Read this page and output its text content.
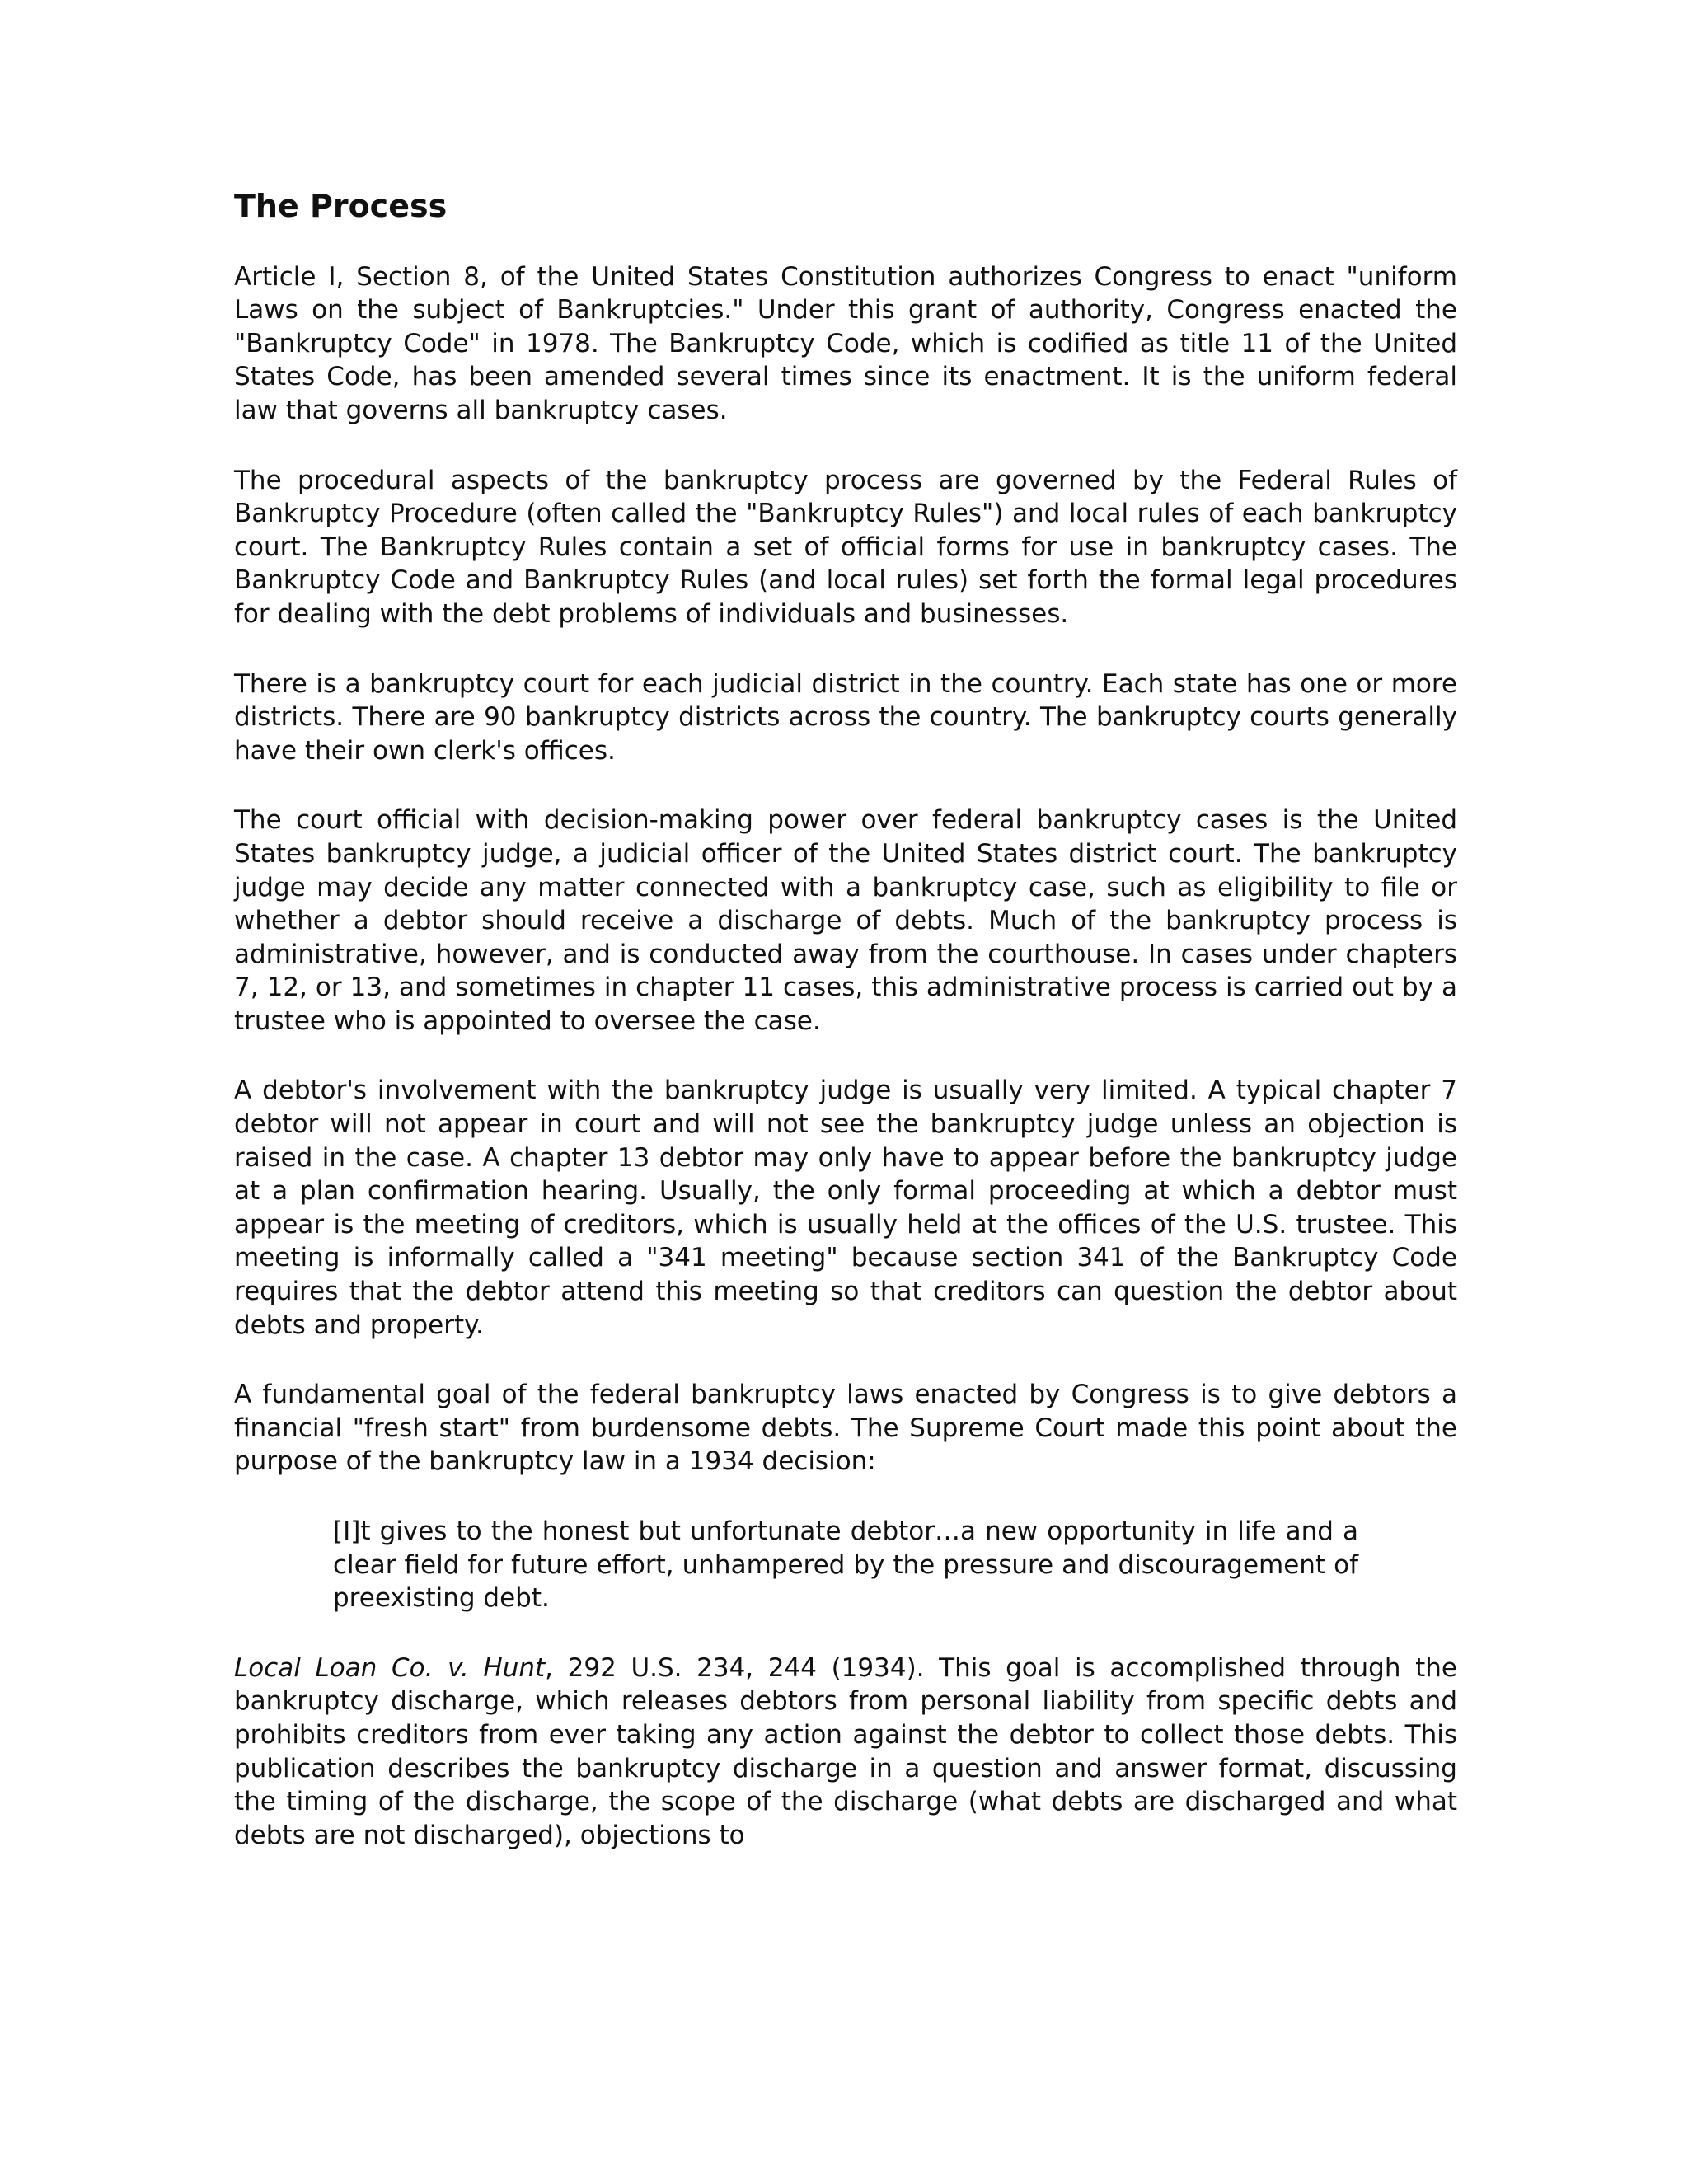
The Process

Article I, Section 8, of the United States Constitution authorizes Congress to enact "uniform Laws on the subject of Bankruptcies." Under this grant of authority, Congress enacted the "Bankruptcy Code" in 1978. The Bankruptcy Code, which is codified as title 11 of the United States Code, has been amended several times since its enactment. It is the uniform federal law that governs all bankruptcy cases.

The procedural aspects of the bankruptcy process are governed by the Federal Rules of Bankruptcy Procedure (often called the "Bankruptcy Rules") and local rules of each bankruptcy court. The Bankruptcy Rules contain a set of official forms for use in bankruptcy cases. The Bankruptcy Code and Bankruptcy Rules (and local rules) set forth the formal legal procedures for dealing with the debt problems of individuals and businesses.

There is a bankruptcy court for each judicial district in the country. Each state has one or more districts. There are 90 bankruptcy districts across the country. The bankruptcy courts generally have their own clerk's offices.

The court official with decision-making power over federal bankruptcy cases is the United States bankruptcy judge, a judicial officer of the United States district court. The bankruptcy judge may decide any matter connected with a bankruptcy case, such as eligibility to file or whether a debtor should receive a discharge of debts. Much of the bankruptcy process is administrative, however, and is conducted away from the courthouse. In cases under chapters 7, 12, or 13, and sometimes in chapter 11 cases, this administrative process is carried out by a trustee who is appointed to oversee the case.

A debtor's involvement with the bankruptcy judge is usually very limited. A typical chapter 7 debtor will not appear in court and will not see the bankruptcy judge unless an objection is raised in the case. A chapter 13 debtor may only have to appear before the bankruptcy judge at a plan confirmation hearing. Usually, the only formal proceeding at which a debtor must appear is the meeting of creditors, which is usually held at the offices of the U.S. trustee. This meeting is informally called a "341 meeting" because section 341 of the Bankruptcy Code requires that the debtor attend this meeting so that creditors can question the debtor about debts and property.

A fundamental goal of the federal bankruptcy laws enacted by Congress is to give debtors a financial "fresh start" from burdensome debts. The Supreme Court made this point about the purpose of the bankruptcy law in a 1934 decision:

[I]t gives to the honest but unfortunate debtor…a new opportunity in life and a clear field for future effort, unhampered by the pressure and discouragement of preexisting debt.

Local Loan Co. v. Hunt, 292 U.S. 234, 244 (1934). This goal is accomplished through the bankruptcy discharge, which releases debtors from personal liability from specific debts and prohibits creditors from ever taking any action against the debtor to collect those debts. This publication describes the bankruptcy discharge in a question and answer format, discussing the timing of the discharge, the scope of the discharge (what debts are discharged and what debts are not discharged), objections to
